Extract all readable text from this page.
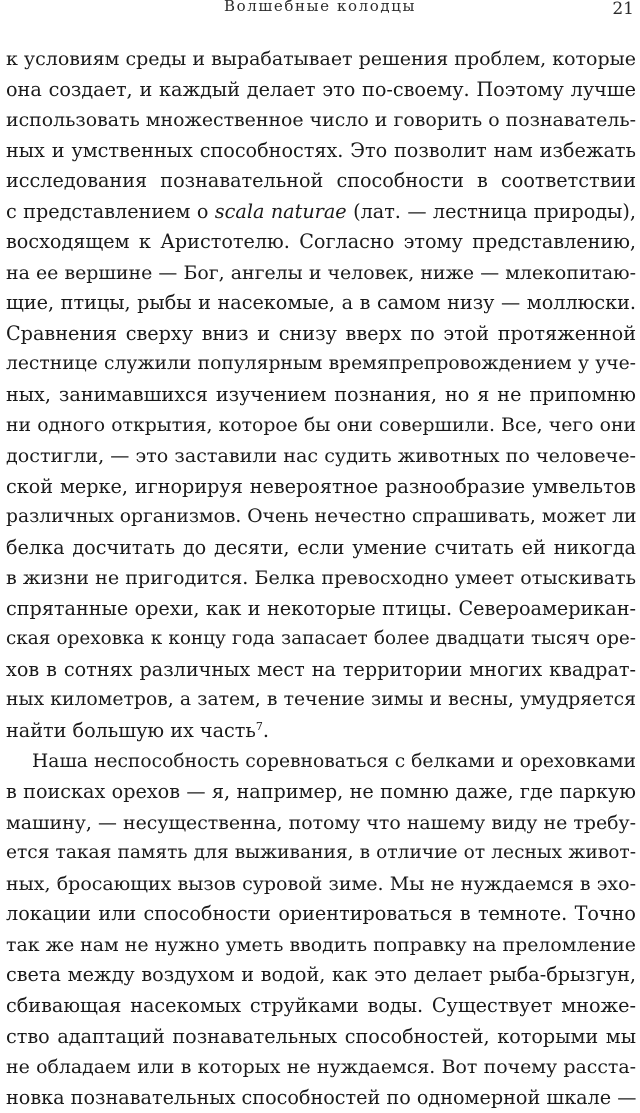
Волшебные колодцы	21
к условиям среды и вырабатывает решения проблем, которые
она создает, и каждый делает это по-своему. Поэтому лучше
использовать множественное число и говорить о познаватель-
ных и умственных способностях. Это позволит нам избежать
исследования познавательной способности в соответствии
с представлением о scala naturae (лат. — лестница природы),
восходящем к Аристотелю. Согласно этому представлению,
на ее вершине — Бог, ангелы и человек, ниже — млекопитаю-
щие, птицы, рыбы и насекомые, а в самом низу — моллюски.
Сравнения сверху вниз и снизу вверх по этой протяженной
лестнице служили популярным времяпрепровождением у уче-
ных, занимавшихся изучением познания, но я не припомню
ни одного открытия, которое бы они совершили. Все, чего они
достигли, — это заставили нас судить животных по человече-
ской мерке, игнорируя невероятное разнообразие умвельтов
различных организмов. Очень нечестно спрашивать, может ли
белка досчитать до десяти, если умение считать ей никогда
в жизни не пригодится. Белка превосходно умеет отыскивать
спрятанные орехи, как и некоторые птицы. Североамерикан-
ская ореховка к концу года запасает более двадцати тысяч оре-
хов в сотнях различных мест на территории многих квадрат-
ных километров, а затем, в течение зимы и весны, умудряется
найти большую их часть$^7$.
Наша неспособность соревноваться с белками и ореховками
в поисках орехов — я, например, не помню даже, где паркую
машину, — несущественна, потому что нашему виду не требу-
ется такая память для выживания, в отличие от лесных живот-
ных, бросающих вызов суровой зиме. Мы не нуждаемся в эхо-
локации или способности ориентироваться в темноте. Точно
так же нам не нужно уметь вводить поправку на преломление
света между воздухом и водой, как это делает рыба-брызгун,
сбивающая насекомых струйками воды. Существует множе-
ство адаптаций познавательных способностей, которыми мы
не обладаем или в которых не нуждаемся. Вот почему расста-
новка познавательных способностей по одномерной шкале —
